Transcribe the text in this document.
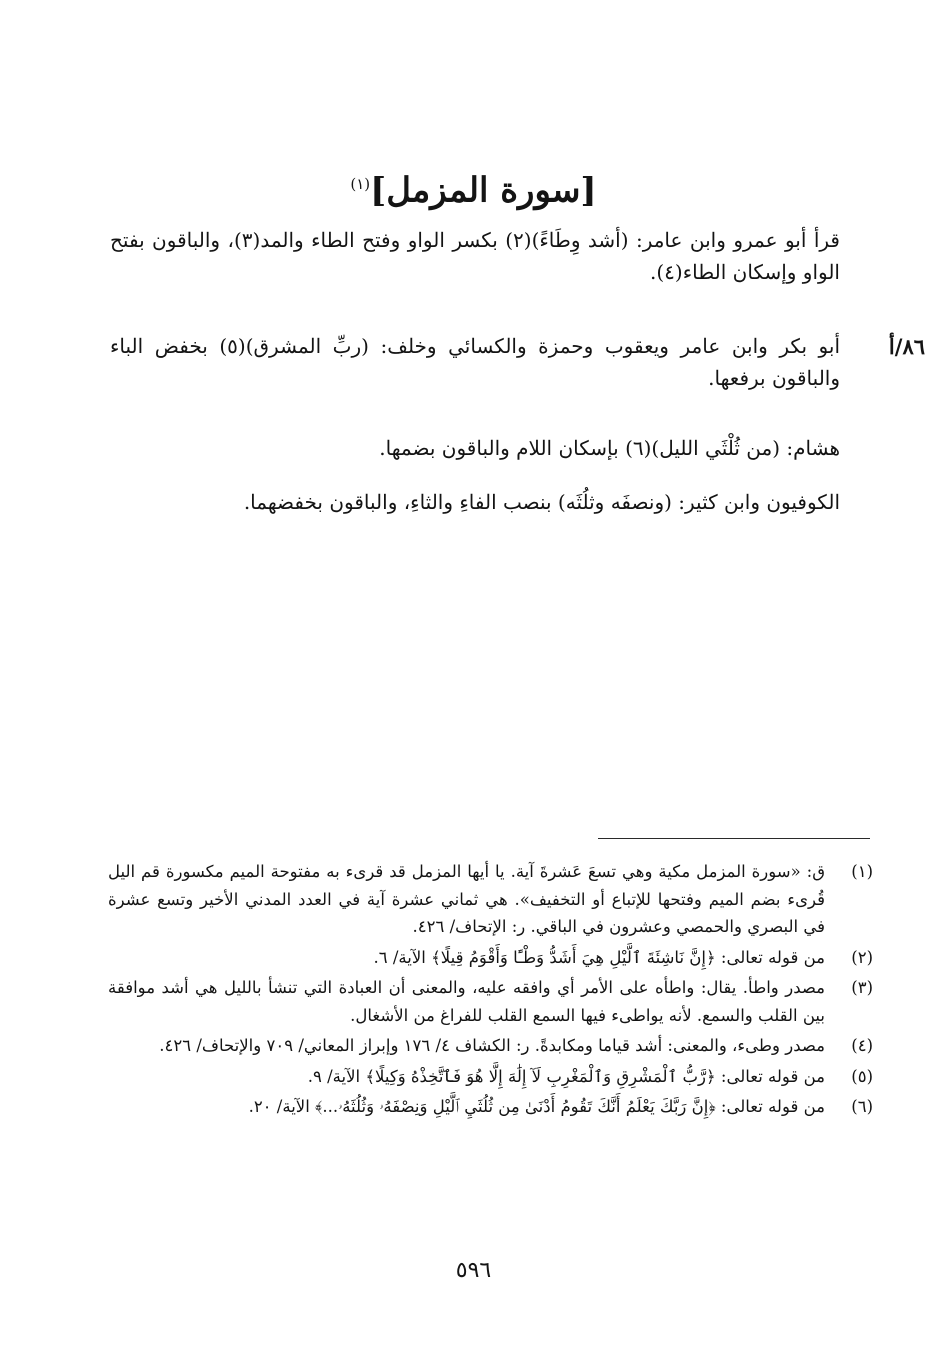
[سورة المزمل]$^{(١)}$
٨٦/أ

قرأ أبو عمرو وابن عامر: (أشد وِطَاءً)(٢) بكسر الواو وفتح الطاء والمد(٣)، والباقون بفتح الواو وإسكان الطاء(٤).

أبو بكر وابن عامر ويعقوب وحمزة والكسائي وخلف: (ربِّ المشرق)(٥) بخفض الباء والباقون برفعها.

هشام: (من ثُلْثَي الليل)(٦) بإسكان اللام والباقون بضمها.

الكوفيون وابن كثير: (ونصفَه وثلُثَه) بنصب الفاءِ والثاءِ، والباقون بخفضهما.

(١)
ق: «سورة المزمل مكية وهي تسعَ عَشرةَ آية. يا أيها المزمل قد قرىء به مفتوحة الميم مكسورة قم اليل قُرىء بضم الميم وفتحها للإتباع أو التخفيف». هي ثماني عشرة آية في العدد المدني الأخير وتسع عشرة في البصري والحمصي وعشرون في الباقي. ر: الإتحاف/ ٤٢٦.
(٢)
من قوله تعالى: ﴿إِنَّ نَاشِئَةَ ٱلَّيْلِ هِيَ أَشَدُّ وَطْـًٔا وَأَقْوَمُ قِيلًا﴾ الآية/ ٦.
(٣)
مصدر واطأ. يقال: واطأه على الأمر أي وافقه عليه، والمعنى أن العبادة التي تنشأ بالليل هي أشد موافقة بين القلب والسمع. لأنه يواطىء فيها السمع القلب للفراغ من الأشغال.
(٤)
مصدر وطىء، والمعنى: أشد قياما ومكابدةً. ر: الكشاف ٤/ ١٧٦ وإبراز المعاني/ ٧٠٩ والإتحاف/ ٤٢٦.
(٥)
من قوله تعالى: ﴿رَّبُّ ٱلْمَشْرِقِ وَٱلْمَغْرِبِ لَآ إِلَٰهَ إِلَّا هُوَ فَٱتَّخِذْهُ وَكِيلًا﴾ الآية/ ٩.
(٦)
من قوله تعالى: ﴿إِنَّ رَبَّكَ يَعْلَمُ أَنَّكَ تَقُومُ أَدْنَىٰ مِن ثُلُثَيِ ٱلَّيْلِ وَنِصْفَهُۥ وَثُلُثَهُۥ...﴾ الآية/ ٢٠.
٥٩٦
